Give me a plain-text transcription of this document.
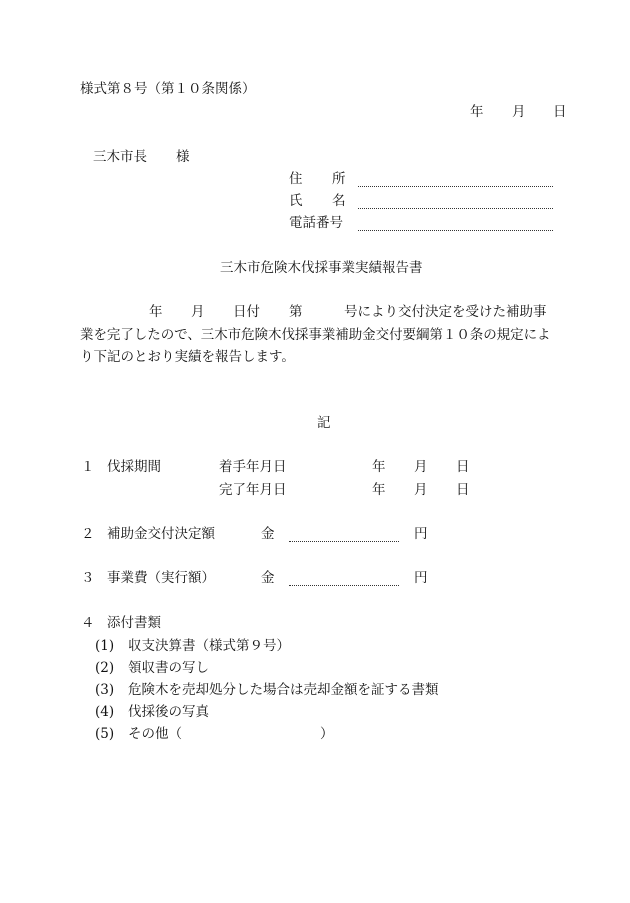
様式第８号（第１０条関係）
年 月 日
三木市長 様
住 所
氏 名
電話番号
三木市危険木伐採事業実績報告書
年 月 日付 第	号により交付決定を受けた補助事
業を完了したので、三木市危険木伐採事業補助金交付要綱第１０条の規定によ
り下記のとおり実績を報告します。
記
１ 伐採期間	着手年月日	年 月 日
完了年月日	年 月 日
２ 補助金交付決定額	金	円
３ 事業費（実行額）	金	円
４ 添付書類
(1) 収支決算書（様式第９号）
(2) 領収書の写し
(3) 危険木を売却処分した場合は売却金額を証する書類
(4) 伐採後の写真
(5) その他（	）
